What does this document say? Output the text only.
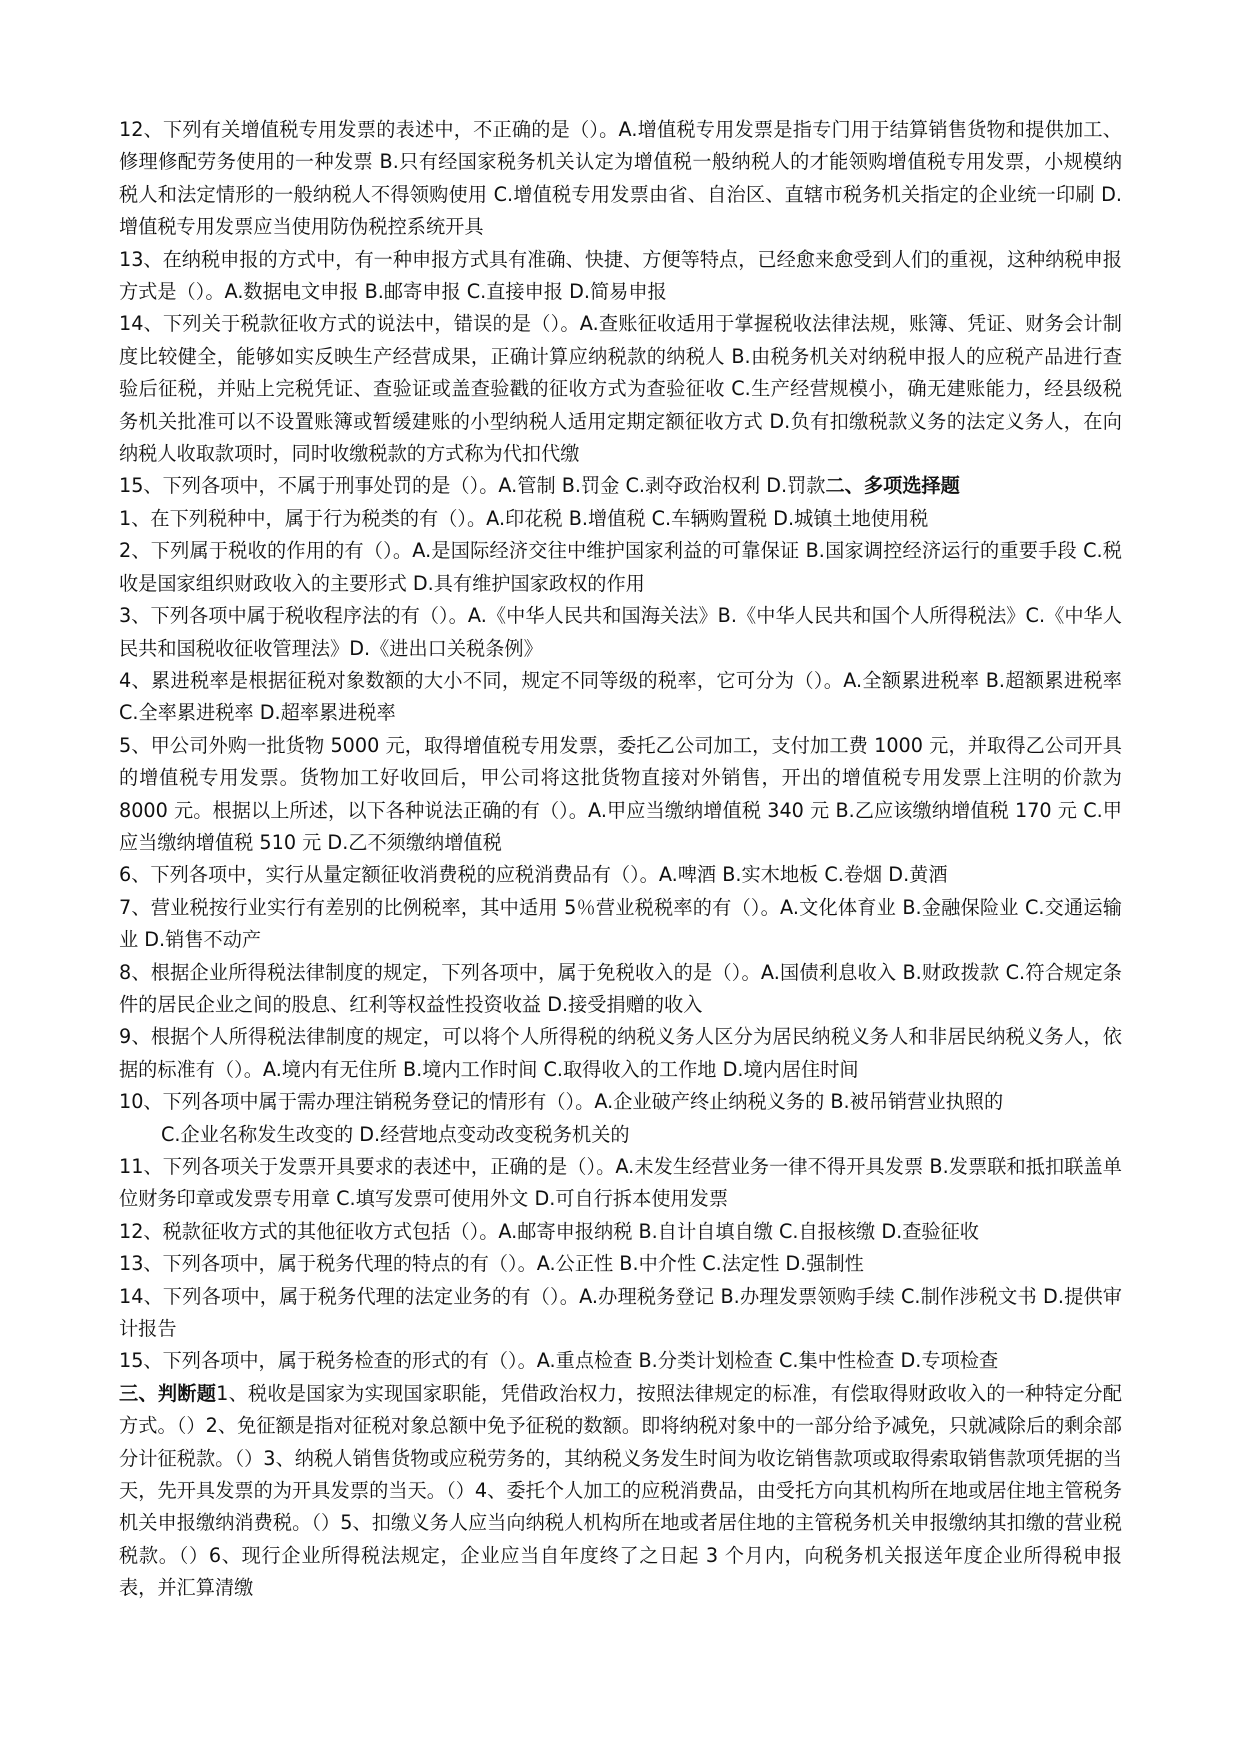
12、下列有关增值税专用发票的表述中，不正确的是（）。A.增值税专用发票是指专门用于结算销售货物和提供加工、修理修配劳务使用的一种发票 B.只有经国家税务机关认定为增值税一般纳税人的才能领购增值税专用发票，小规模纳税人和法定情形的一般纳税人不得领购使用 C.增值税专用发票由省、自治区、直辖市税务机关指定的企业统一印刷 D.增值税专用发票应当使用防伪税控系统开具

13、在纳税申报的方式中，有一种申报方式具有准确、快捷、方便等特点，已经愈来愈受到人们的重视，这种纳税申报方式是（）。A.数据电文申报 B.邮寄申报 C.直接申报 D.简易申报

14、下列关于税款征收方式的说法中，错误的是（）。A.查账征收适用于掌握税收法律法规，账簿、凭证、财务会计制度比较健全，能够如实反映生产经营成果，正确计算应纳税款的纳税人 B.由税务机关对纳税申报人的应税产品进行查验后征税，并贴上完税凭证、查验证或盖查验戳的征收方式为查验征收 C.生产经营规模小，确无建账能力，经县级税务机关批准可以不设置账簿或暂缓建账的小型纳税人适用定期定额征收方式 D.负有扣缴税款义务的法定义务人，在向纳税人收取款项时，同时收缴税款的方式称为代扣代缴

15、下列各项中，不属于刑事处罚的是（）。A.管制 B.罚金 C.剥夺政治权利 D.罚款二、多项选择题

1、在下列税种中，属于行为税类的有（）。A.印花税 B.增值税 C.车辆购置税 D.城镇土地使用税

2、下列属于税收的作用的有（）。A.是国际经济交往中维护国家利益的可靠保证 B.国家调控经济运行的重要手段 C.税收是国家组织财政收入的主要形式 D.具有维护国家政权的作用

3、下列各项中属于税收程序法的有（）。A.《中华人民共和国海关法》B.《中华人民共和国个人所得税法》C.《中华人民共和国税收征收管理法》D.《进出口关税条例》

4、累进税率是根据征税对象数额的大小不同，规定不同等级的税率，它可分为（）。A.全额累进税率 B.超额累进税率 C.全率累进税率 D.超率累进税率

5、甲公司外购一批货物 5000 元，取得增值税专用发票，委托乙公司加工，支付加工费 1000 元，并取得乙公司开具的增值税专用发票。货物加工好收回后，甲公司将这批货物直接对外销售，开出的增值税专用发票上注明的价款为 8000 元。根据以上所述，以下各种说法正确的有（）。A.甲应当缴纳增值税 340 元 B.乙应该缴纳增值税 170 元 C.甲应当缴纳增值税 510 元 D.乙不须缴纳增值税

6、下列各项中，实行从量定额征收消费税的应税消费品有（）。A.啤酒 B.实木地板 C.卷烟 D.黄酒

7、营业税按行业实行有差别的比例税率，其中适用 5％营业税税率的有（）。A.文化体育业 B.金融保险业 C.交通运输业 D.销售不动产

8、根据企业所得税法律制度的规定，下列各项中，属于免税收入的是（）。A.国债利息收入 B.财政拨款 C.符合规定条件的居民企业之间的股息、红利等权益性投资收益 D.接受捐赠的收入

9、根据个人所得税法律制度的规定，可以将个人所得税的纳税义务人区分为居民纳税义务人和非居民纳税义务人，依据的标准有（）。A.境内有无住所 B.境内工作时间 C.取得收入的工作地 D.境内居住时间

10、下列各项中属于需办理注销税务登记的情形有（）。A.企业破产终止纳税义务的 B.被吊销营业执照的
C.企业名称发生改变的 D.经营地点变动改变税务机关的

11、下列各项关于发票开具要求的表述中，正确的是（）。A.未发生经营业务一律不得开具发票 B.发票联和抵扣联盖单位财务印章或发票专用章 C.填写发票可使用外文 D.可自行拆本使用发票

12、税款征收方式的其他征收方式包括（）。A.邮寄申报纳税 B.自计自填自缴 C.自报核缴 D.查验征收

13、下列各项中，属于税务代理的特点的有（）。A.公正性 B.中介性 C.法定性 D.强制性

14、下列各项中，属于税务代理的法定业务的有（）。A.办理税务登记 B.办理发票领购手续 C.制作涉税文书 D.提供审计报告

15、下列各项中，属于税务检查的形式的有（）。A.重点检查 B.分类计划检查 C.集中性检查 D.专项检查

三、判断题1、税收是国家为实现国家职能，凭借政治权力，按照法律规定的标准，有偿取得财政收入的一种特定分配方式。（）2、免征额是指对征税对象总额中免予征税的数额。即将纳税对象中的一部分给予减免，只就减除后的剩余部分计征税款。（）3、纳税人销售货物或应税劳务的，其纳税义务发生时间为收讫销售款项或取得索取销售款项凭据的当天，先开具发票的为开具发票的当天。（）4、委托个人加工的应税消费品，由受托方向其机构所在地或居住地主管税务机关申报缴纳消费税。（）5、扣缴义务人应当向纳税人机构所在地或者居住地的主管税务机关申报缴纳其扣缴的营业税税款。（）6、现行企业所得税法规定，企业应当自年度终了之日起 3 个月内，向税务机关报送年度企业所得税申报表，并汇算清缴
